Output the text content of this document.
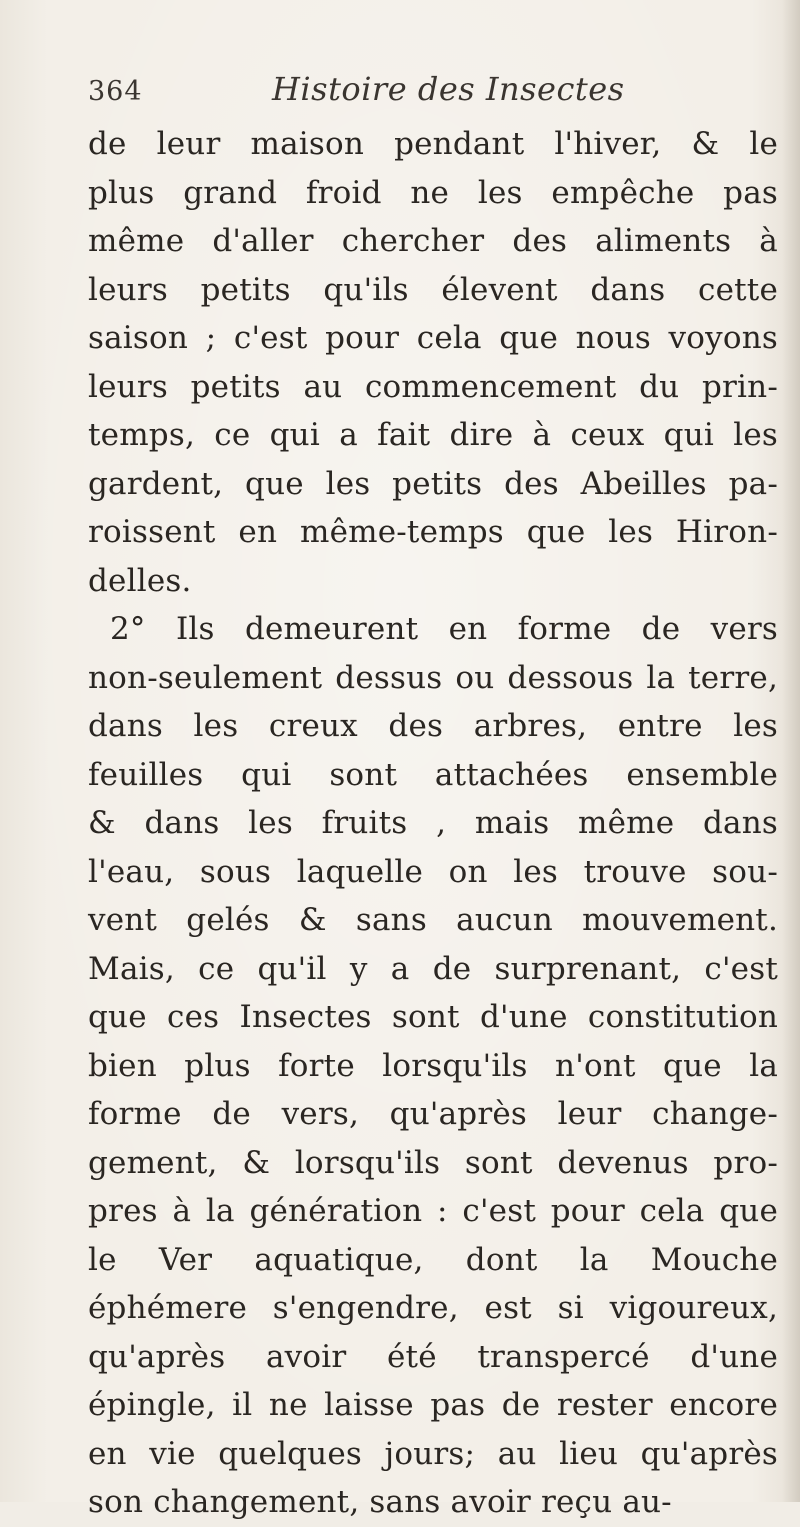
364	Histoire des Insectes
de leur maison pendant l'hiver, & le
plus grand froid ne les empêche pas
même d'aller chercher des aliments à
leurs petits qu'ils élevent dans cette
saison ; c'est pour cela que nous voyons
leurs petits au commencement du prin-
temps, ce qui a fait dire à ceux qui les
gardent, que les petits des Abeilles pa-
roissent en même-temps que les Hiron-
delles.
2° Ils demeurent en forme de vers
non-seulement dessus ou dessous la terre,
dans les creux des arbres, entre les
feuilles qui sont attachées ensemble
& dans les fruits , mais même dans
l'eau, sous laquelle on les trouve sou-
vent gelés & sans aucun mouvement.
Mais, ce qu'il y a de surprenant, c'est
que ces Insectes sont d'une constitution
bien plus forte lorsqu'ils n'ont que la
forme de vers, qu'après leur change-
gement, & lorsqu'ils sont devenus pro-
pres à la génération : c'est pour cela que
le Ver aquatique, dont la Mouche
éphémere s'engendre, est si vigoureux,
qu'après avoir été transpercé d'une
épingle, il ne laisse pas de rester encore
en vie quelques jours; au lieu qu'après
son changement, sans avoir reçu au-
